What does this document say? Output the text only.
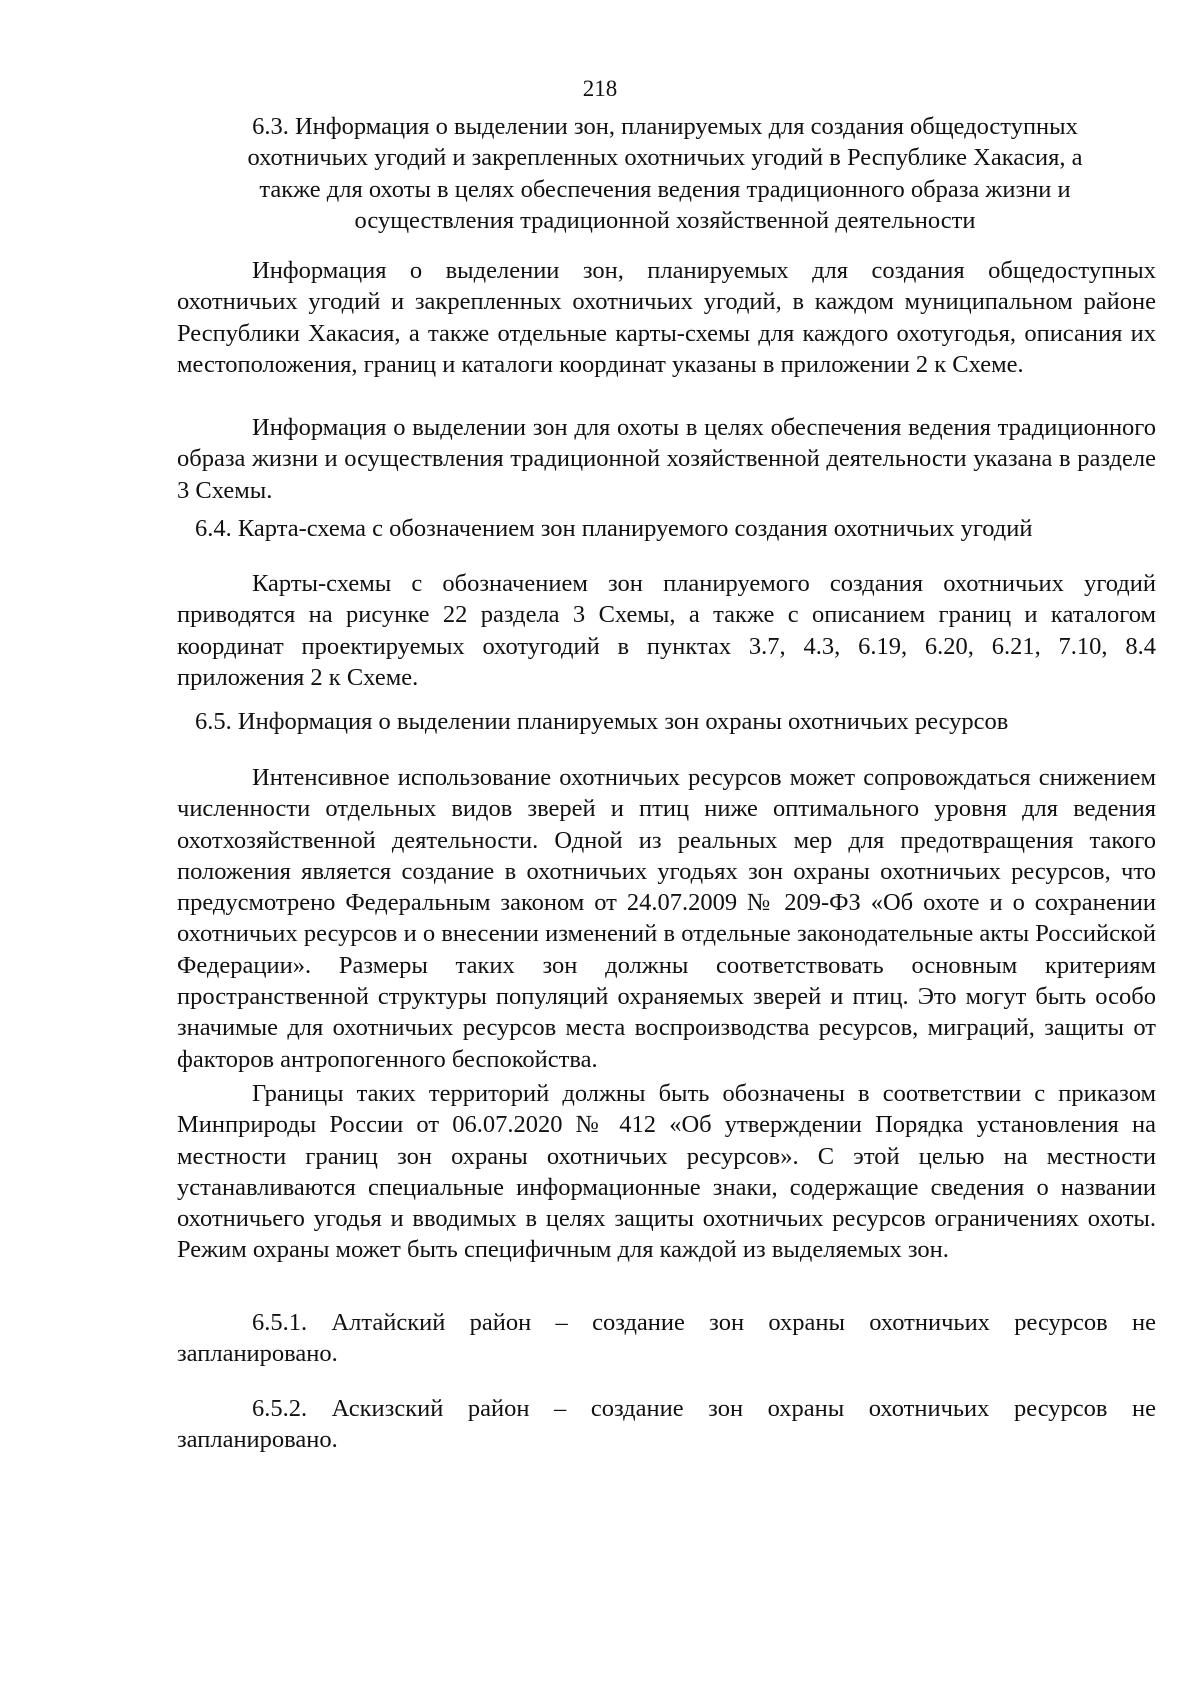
218
6.3. Информация о выделении зон, планируемых для создания общедоступных
охотничьих угодий и закрепленных охотничьих угодий в Республике Хакасия, а
также для охоты в целях обеспечения ведения традиционного образа жизни и
осуществления традиционной хозяйственной деятельности

Информация о выделении зон, планируемых для создания общедоступных охотничьих угодий и закрепленных охотничьих угодий, в каждом муниципальном районе Республики Хакасия, а также отдельные карты-схемы для каждого охотугодья, описания их местоположения, границ и каталоги координат указаны в приложении 2 к Схеме.

Информация о выделении зон для охоты в целях обеспечения ведения традиционного образа жизни и осуществления традиционной хозяйственной деятельности указана в разделе 3 Схемы.

6.4. Карта-схема с обозначением зон планируемого создания охотничьих угодий

Карты-схемы с обозначением зон планируемого создания охотничьих угодий приводятся на рисунке 22 раздела 3 Схемы, а также с описанием границ и каталогом координат проектируемых охотугодий в пунктах 3.7, 4.3, 6.19, 6.20, 6.21, 7.10, 8.4 приложения 2 к Схеме.

6.5. Информация о выделении планируемых зон охраны охотничьих ресурсов

Интенсивное использование охотничьих ресурсов может сопровождаться снижением численности отдельных видов зверей и птиц ниже оптимального уровня для ведения охотхозяйственной деятельности. Одной из реальных мер для предотвращения такого положения является создание в охотничьих угодьях зон охраны охотничьих ресурсов, что предусмотрено Федеральным законом от 24.07.2009 № 209-ФЗ «Об охоте и о сохранении охотничьих ресурсов и о внесении изменений в отдельные законодательные акты Российской Федерации». Размеры таких зон должны соответствовать основным критериям пространственной структуры популяций охраняемых зверей и птиц. Это могут быть особо значимые для охотничьих ресурсов места воспроизводства ресурсов, миграций, защиты от факторов антропогенного беспокойства.

Границы таких территорий должны быть обозначены в соответствии с приказом Минприроды России от 06.07.2020 № 412 «Об утверждении Порядка установления на местности границ зон охраны охотничьих ресурсов». С этой целью на местности устанавливаются специальные информационные знаки, содержащие сведения о названии охотничьего угодья и вводимых в целях защиты охотничьих ресурсов ограничениях охоты. Режим охраны может быть специфичным для каждой из выделяемых зон.

6.5.1. Алтайский район – создание зон охраны охотничьих ресурсов не запланировано.

6.5.2. Аскизский район – создание зон охраны охотничьих ресурсов не запланировано.
